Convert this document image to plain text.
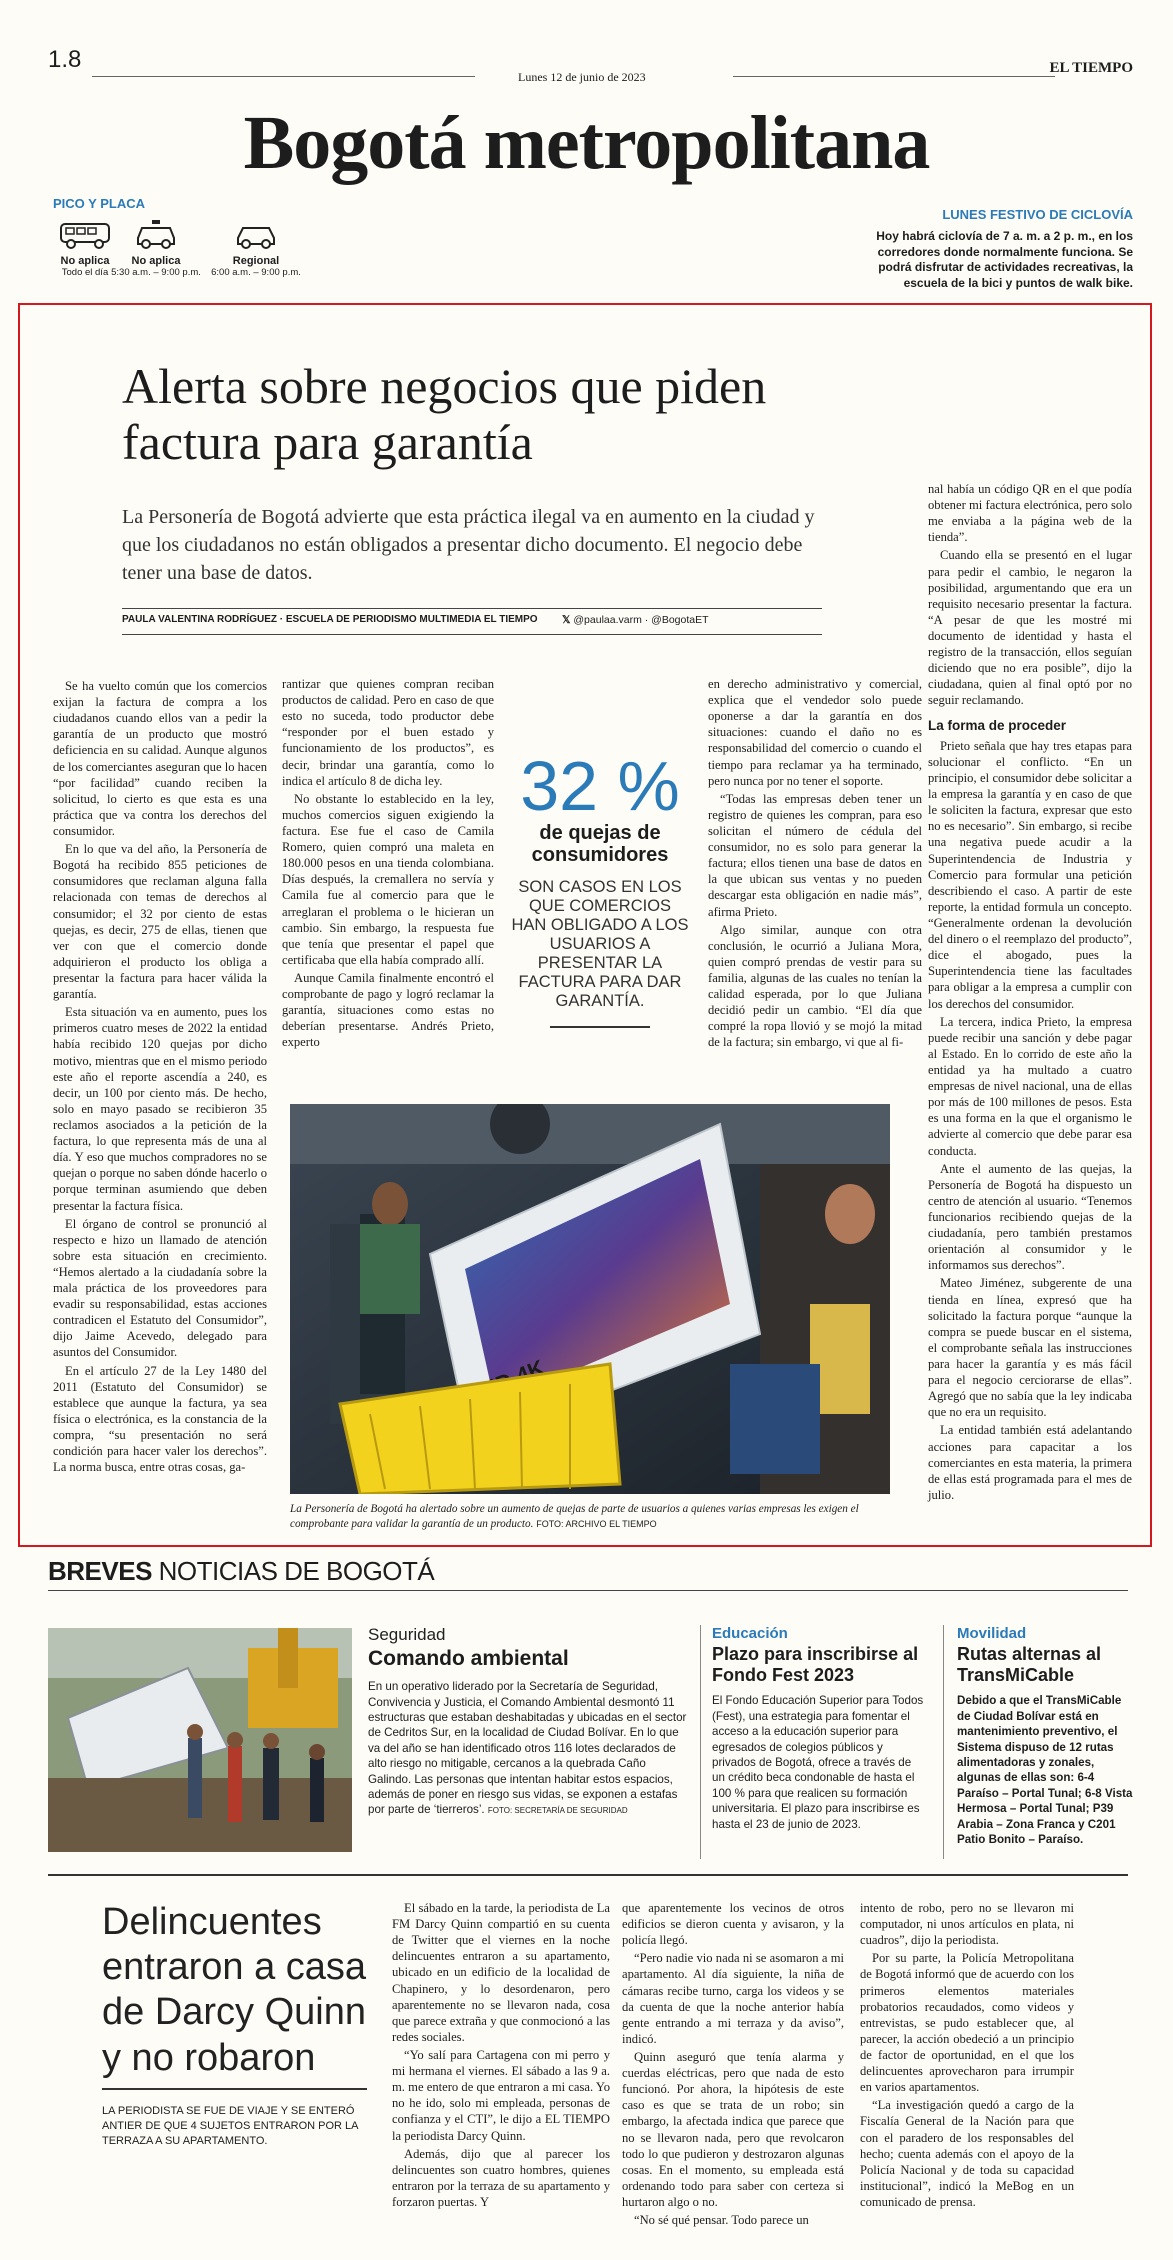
1.8
Lunes 12 de junio de 2023
EL TIEMPO
Bogotá metropolitana
PICO Y PLACA
No aplica
Todo el día
No aplica
5:30 a.m. – 9:00 p.m.
Regional
6:00 a.m. – 9:00 p.m.
LUNES FESTIVO DE CICLOVÍA
Hoy habrá ciclovía de 7 a. m. a 2 p. m., en los corredores donde normalmente funciona. Se podrá disfrutar de actividades recreativas, la escuela de la bici y puntos de walk bike.
Alerta sobre negocios que piden factura para garantía
La Personería de Bogotá advierte que esta práctica ilegal va en aumento en la ciudad y que los ciudadanos no están obligados a presentar dicho documento. El negocio debe tener una base de datos.
PAULA VALENTINA RODRÍGUEZ · ESCUELA DE PERIODISMO MULTIMEDIA EL TIEMPO 𝕏 @paulaa.varm · @BogotaET

Se ha vuelto común que los comercios exijan la factura de compra a los ciudadanos cuando ellos van a pedir la garantía de un producto que mostró deficiencia en su calidad. Aunque algunos de los comerciantes aseguran que lo hacen “por facilidad” cuando reciben la solicitud, lo cierto es que esta es una práctica que va contra los derechos del consumidor.

En lo que va del año, la Personería de Bogotá ha recibido 855 peticiones de consumidores que reclaman alguna falla relacionada con temas de derechos al consumidor; el 32 por ciento de estas quejas, es decir, 275 de ellas, tienen que ver con que el comercio donde adquirieron el producto los obliga a presentar la factura para hacer válida la garantía.

Esta situación va en aumento, pues los primeros cuatro meses de 2022 la entidad había recibido 120 quejas por dicho motivo, mientras que en el mismo periodo este año el reporte ascendía a 240, es decir, un 100 por ciento más. De hecho, solo en mayo pasado se recibieron 35 reclamos asociados a la petición de la factura, lo que representa más de una al día. Y eso que muchos compradores no se quejan o porque no saben dónde hacerlo o porque terminan asumiendo que deben presentar la factura física.

El órgano de control se pronunció al respecto e hizo un llamado de atención sobre esta situación en crecimiento. “Hemos alertado a la ciudadanía sobre la mala práctica de los proveedores para evadir su responsabilidad, estas acciones contradicen el Estatuto del Consumidor”, dijo Jaime Acevedo, delegado para asuntos del Consumidor.

En el artículo 27 de la Ley 1480 del 2011 (Estatuto del Consumidor) se establece que aunque la factura, ya sea física o electrónica, es la constancia de la compra, “su presentación no será condición para hacer valer los derechos”. La norma busca, entre otras cosas, ga-

rantizar que quienes compran reciban productos de calidad. Pero en caso de que esto no suceda, todo productor debe “responder por el buen estado y funcionamiento de los productos”, es decir, brindar una garantía, como lo indica el artículo 8 de dicha ley.

No obstante lo establecido en la ley, muchos comercios siguen exigiendo la factura. Ese fue el caso de Camila Romero, quien compró una maleta en 180.000 pesos en una tienda colombiana. Días después, la cremallera no servía y Camila fue al comercio para que le arreglaran el problema o le hicieran un cambio. Sin embargo, la respuesta fue que tenía que presentar el papel que certificaba que ella había comprado allí.

Aunque Camila finalmente encontró el comprobante de pago y logró reclamar la garantía, situaciones como estas no deberían presentarse. Andrés Prieto, experto

32 %
de quejas de consumidores
SON CASOS EN LOS QUE COMERCIOS HAN OBLIGADO A LOS USUARIOS A PRESENTAR LA FACTURA PARA DAR GARANTÍA.

en derecho administrativo y comercial, explica que el vendedor solo puede oponerse a dar la garantía en dos situaciones: cuando el daño no es responsabilidad del comercio o cuando el tiempo para reclamar ya ha terminado, pero nunca por no tener el soporte.

“Todas las empresas deben tener un registro de quienes les compran, para eso solicitan el número de cédula del consumidor, no es solo para generar la factura; ellos tienen una base de datos en la que ubican sus ventas y no pueden descargar esta obligación en nadie más”, afirma Prieto.

Algo similar, aunque con otra conclusión, le ocurrió a Juliana Mora, quien compró prendas de vestir para su familia, algunas de las cuales no tenían la calidad esperada, por lo que Juliana decidió pedir un cambio. “El día que compré la ropa llovió y se mojó la mitad de la factura; sin embargo, vi que al fi-

nal había un código QR en el que podía obtener mi factura electrónica, pero solo me enviaba a la página web de la tienda”.

Cuando ella se presentó en el lugar para pedir el cambio, le negaron la posibilidad, argumentando que era un requisito necesario presentar la factura. “A pesar de que les mostré mi documento de identidad y hasta el registro de la transacción, ellos seguían diciendo que no era posible”, dijo la ciudadana, quien al final optó por no seguir reclamando.

La forma de proceder

Prieto señala que hay tres etapas para solucionar el conflicto. “En un principio, el consumidor debe solicitar a la empresa la garantía y en caso de que le soliciten la factura, expresar que esto no es necesario”. Sin embargo, si recibe una negativa puede acudir a la Superintendencia de Industria y Comercio para formular una petición describiendo el caso. A partir de este reporte, la entidad formula un concepto. “Generalmente ordenan la devolución del dinero o el reemplazo del producto”, dice el abogado, pues la Superintendencia tiene las facultades para obligar a la empresa a cumplir con los derechos del consumidor.

La tercera, indica Prieto, la empresa puede recibir una sanción y debe pagar al Estado. En lo corrido de este año la entidad ya ha multado a cuatro empresas de nivel nacional, una de ellas por más de 100 millones de pesos. Esta es una forma en la que el organismo le advierte al comercio que debe parar esa conducta.

Ante el aumento de las quejas, la Personería de Bogotá ha dispuesto un centro de atención al usuario. “Tenemos funcionarios recibiendo quejas de la ciudadanía, pero también prestamos orientación al consumidor y le informamos sus derechos”.

Mateo Jiménez, subgerente de una tienda en línea, expresó que ha solicitado la factura porque “aunque la compra se puede buscar en el sistema, el comprobante señala las instrucciones para hacer la garantía y es más fácil para el negocio cerciorarse de ellas”. Agregó que no sabía que la ley indicaba que no era un requisito.

La entidad también está adelantando acciones para capacitar a los comerciantes en esta materia, la primera de ellas está programada para el mes de julio.

La Personería de Bogotá ha alertado sobre un aumento de quejas de parte de usuarios a quienes varias empresas les exigen el comprobante para validar la garantía de un producto. FOTO: ARCHIVO EL TIEMPO
BREVES NOTICIAS DE BOGOTÁ
Seguridad
Comando ambiental
En un operativo liderado por la Secretaría de Seguridad, Convivencia y Justicia, el Comando Ambiental desmontó 11 estructuras que estaban deshabitadas y ubicadas en el sector de Cedritos Sur, en la localidad de Ciudad Bolívar. En lo que va del año se han identificado otros 116 lotes declarados de alto riesgo no mitigable, cercanos a la quebrada Caño Galindo. Las personas que intentan habitar estos espacios, además de poner en riesgo sus vidas, se exponen a estafas por parte de ‘tierreros’. FOTO: SECRETARÍA DE SEGURIDAD
Educación
Plazo para inscribirse al Fondo Fest 2023
El Fondo Educación Superior para Todos (Fest), una estrategia para fomentar el acceso a la educación superior para egresados de colegios públicos y privados de Bogotá, ofrece a través de un crédito beca condonable de hasta el 100 % para que realicen su formación universitaria. El plazo para inscribirse es hasta el 23 de junio de 2023.
Movilidad
Rutas alternas al TransMiCable
Debido a que el TransMiCable de Ciudad Bolívar está en mantenimiento preventivo, el Sistema dispuso de 12 rutas alimentadoras y zonales, algunas de ellas son: 6-4 Paraíso – Portal Tunal; 6-8 Vista Hermosa – Portal Tunal; P39 Arabia – Zona Franca y C201 Patio Bonito – Paraíso.
Delincuentes entraron a casa de Darcy Quinn y no robaron
LA PERIODISTA SE FUE DE VIAJE Y SE ENTERÓ ANTIER DE QUE 4 SUJETOS ENTRARON POR LA TERRAZA A SU APARTAMENTO.

El sábado en la tarde, la periodista de La FM Darcy Quinn compartió en su cuenta de Twitter que el viernes en la noche delincuentes entraron a su apartamento, ubicado en un edificio de la localidad de Chapinero, y lo desordenaron, pero aparentemente no se llevaron nada, cosa que parece extraña y que conmocionó a las redes sociales.

“Yo salí para Cartagena con mi perro y mi hermana el viernes. El sábado a las 9 a. m. me entero de que entraron a mi casa. Yo no he ido, solo mi empleada, personas de confianza y el CTI”, le dijo a EL TIEMPO la periodista Darcy Quinn.

Además, dijo que al parecer los delincuentes son cuatro hombres, quienes entraron por la terraza de su apartamento y forzaron puertas. Y

que aparentemente los vecinos de otros edificios se dieron cuenta y avisaron, y la policía llegó.

“Pero nadie vio nada ni se asomaron a mi apartamento. Al día siguiente, la niña de cámaras recibe turno, carga los videos y se da cuenta de que la noche anterior había gente entrando a mi terraza y da aviso”, indicó.

Quinn aseguró que tenía alarma y cuerdas eléctricas, pero que nada de esto funcionó. Por ahora, la hipótesis de este caso es que se trata de un robo; sin embargo, la afectada indica que parece que no se llevaron nada, pero que revolcaron todo lo que pudieron y destrozaron algunas cosas. En el momento, su empleada está ordenando todo para saber con certeza si hurtaron algo o no.

“No sé qué pensar. Todo parece un

intento de robo, pero no se llevaron mi computador, ni unos artículos en plata, ni cuadros”, dijo la periodista.

Por su parte, la Policía Metropolitana de Bogotá informó que de acuerdo con los primeros elementos materiales probatorios recaudados, como videos y entrevistas, se pudo establecer que, al parecer, la acción obedeció a un principio de factor de oportunidad, en el que los delincuentes aprovecharon para irrumpir en varios apartamentos.

“La investigación quedó a cargo de la Fiscalía General de la Nación para que con el paradero de los responsables del hecho; cuenta además con el apoyo de la Policía Nacional y de toda su capacidad institucional”, indicó la MeBog en un comunicado de prensa.
